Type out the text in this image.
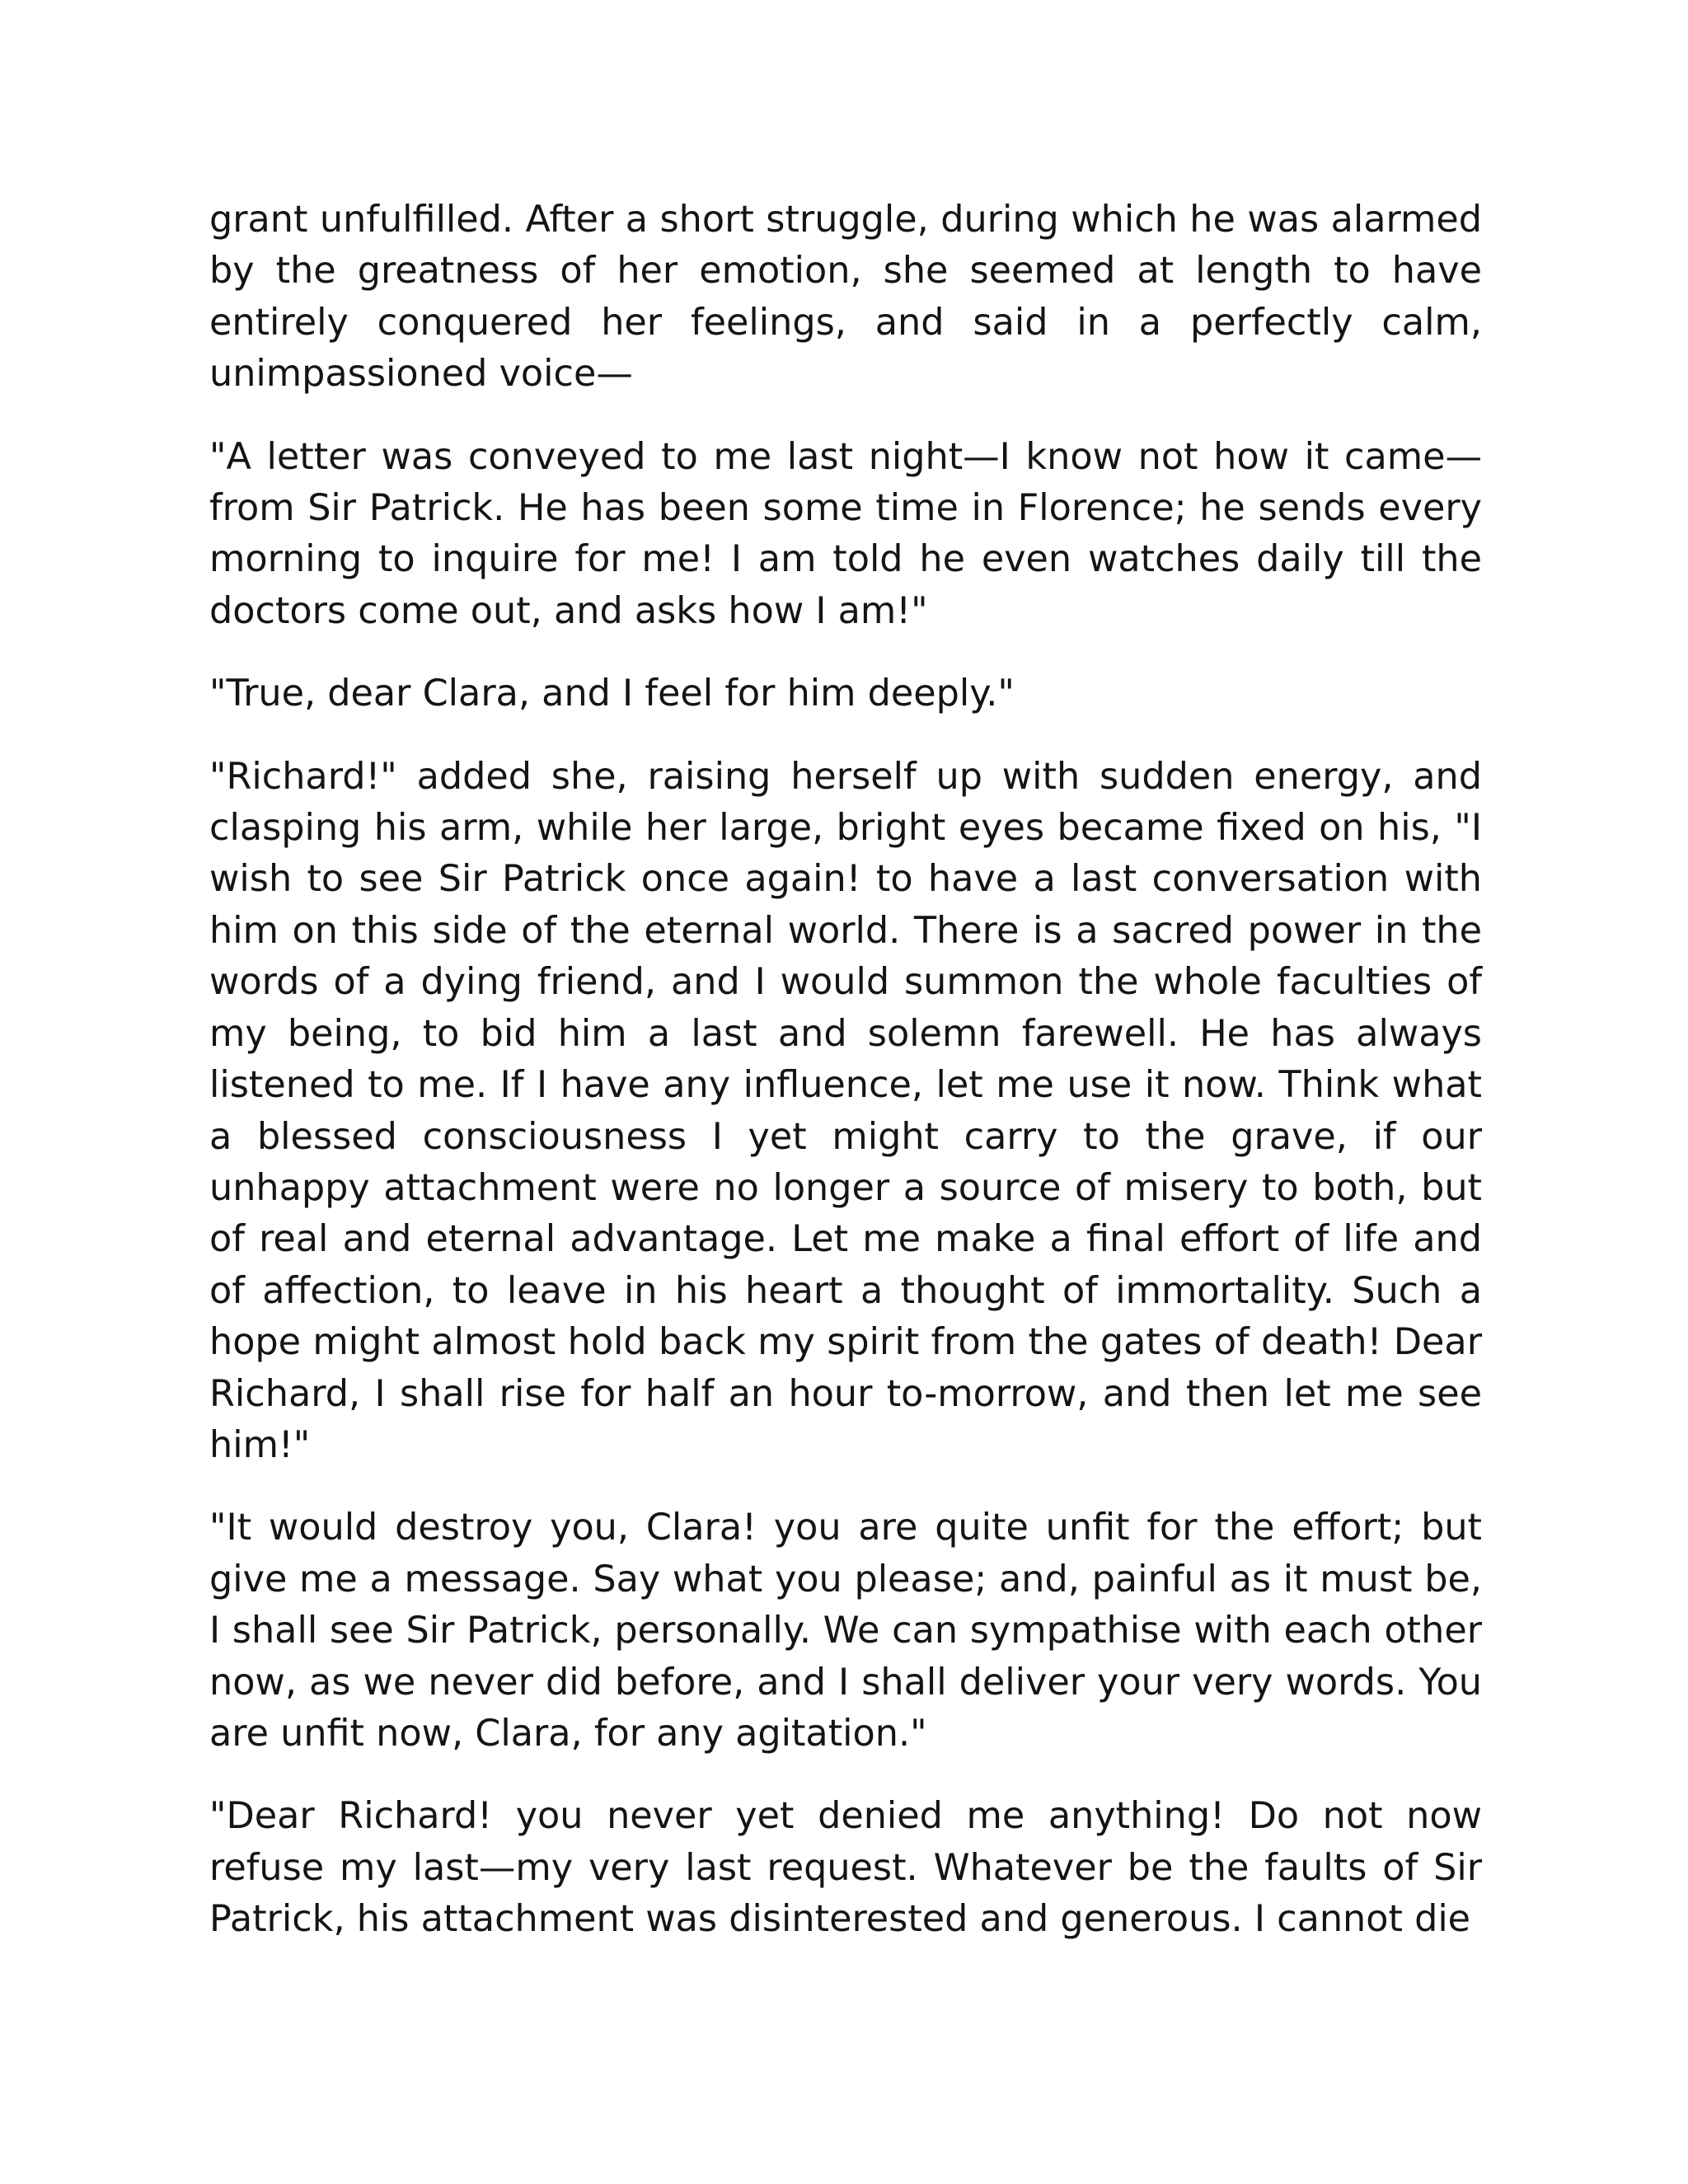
grant unfulfilled. After a short struggle, during which he was alarmed by the greatness of her emotion, she seemed at length to have entirely conquered her feelings, and said in a perfectly calm, unimpassioned voice—

"A letter was conveyed to me last night—I know not how it came—from Sir Patrick. He has been some time in Florence; he sends every morning to inquire for me! I am told he even watches daily till the doctors come out, and asks how I am!"

"True, dear Clara, and I feel for him deeply."

"Richard!" added she, raising herself up with sudden energy, and clasping his arm, while her large, bright eyes became fixed on his, "I wish to see Sir Patrick once again! to have a last conversation with him on this side of the eternal world. There is a sacred power in the words of a dying friend, and I would summon the whole faculties of my being, to bid him a last and solemn farewell. He has always listened to me. If I have any influence, let me use it now. Think what a blessed consciousness I yet might carry to the grave, if our unhappy attachment were no longer a source of misery to both, but of real and eternal advantage. Let me make a final effort of life and of affection, to leave in his heart a thought of immortality. Such a hope might almost hold back my spirit from the gates of death! Dear Richard, I shall rise for half an hour to-morrow, and then let me see him!"

"It would destroy you, Clara! you are quite unfit for the effort; but give me a message. Say what you please; and, painful as it must be, I shall see Sir Patrick, personally. We can sympathise with each other now, as we never did before, and I shall deliver your very words. You are unfit now, Clara, for any agitation."

"Dear Richard! you never yet denied me anything! Do not now refuse my last—my very last request. Whatever be the faults of Sir Patrick, his attachment was disinterested and generous. I cannot die
